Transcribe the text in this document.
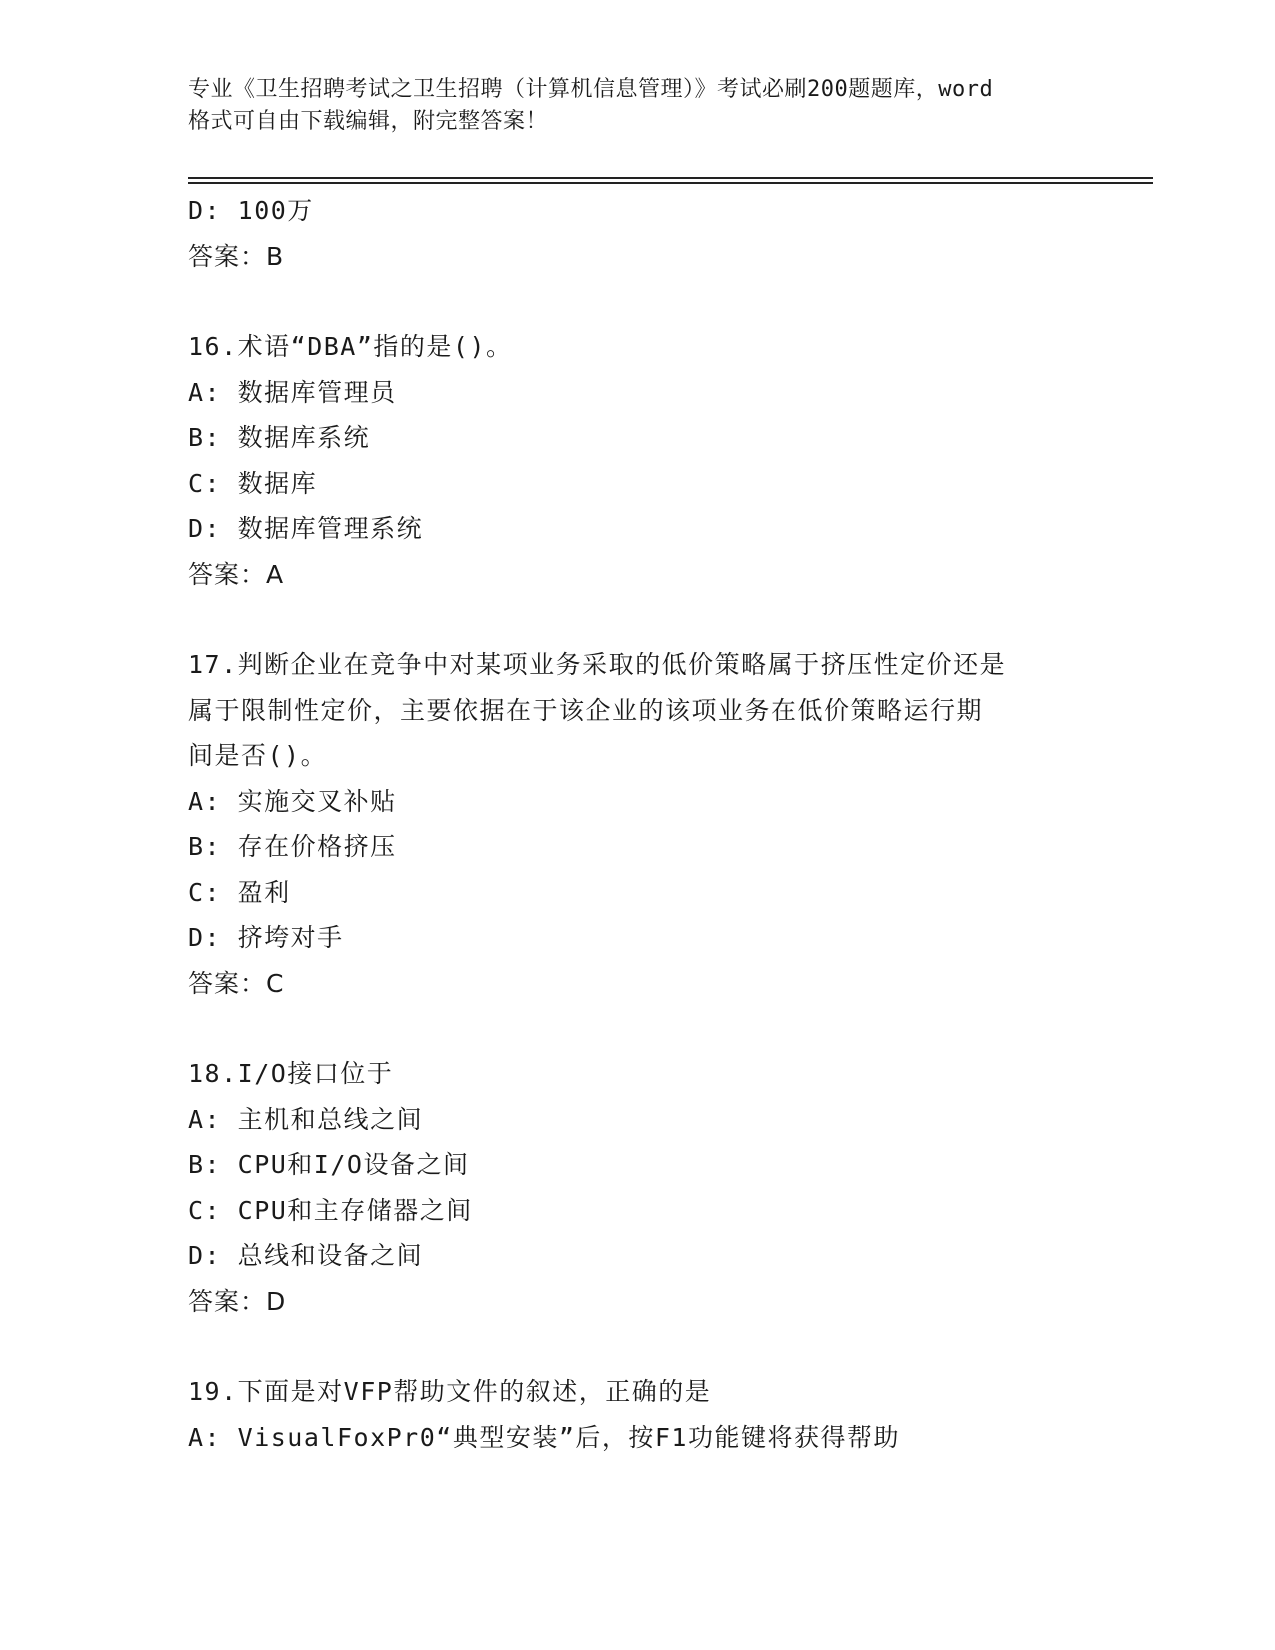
专业《卫生招聘考试之卫生招聘（计算机信息管理）》考试必刷200题题库，word
格式可自由下载编辑，附完整答案！
D: 100万
答案：B
16.术语“DBA”指的是()。
A: 数据库管理员
B: 数据库系统
C: 数据库
D: 数据库管理系统
答案：A
17.判断企业在竞争中对某项业务采取的低价策略属于挤压性定价还是
属于限制性定价，主要依据在于该企业的该项业务在低价策略运行期
间是否()。
A: 实施交叉补贴
B: 存在价格挤压
C: 盈利
D: 挤垮对手
答案：C
18.I/O接口位于
A: 主机和总线之间
B: CPU和I/O设备之间
C: CPU和主存储器之间
D: 总线和设备之间
答案：D
19.下面是对VFP帮助文件的叙述，正确的是
A: VisualFoxPr0“典型安装”后，按F1功能键将获得帮助
